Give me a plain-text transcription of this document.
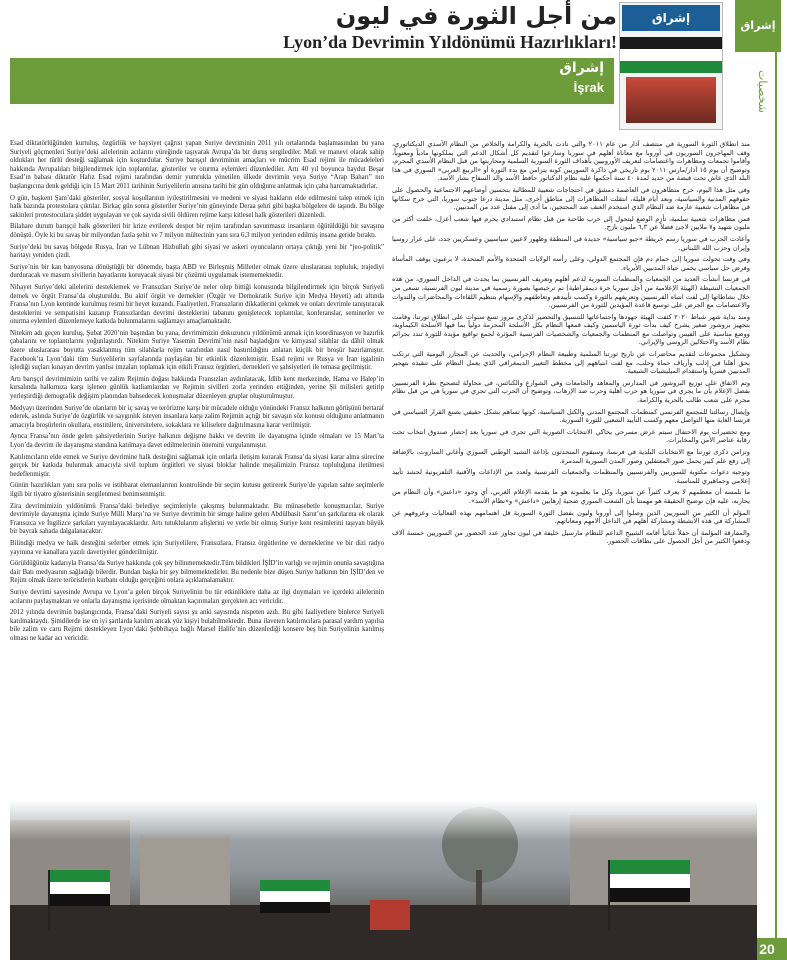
من أجل الثورة في ليون
Lyon’da Devrimin Yıldönümü Hazırlıkları!
إشراق
İşrak
إشراق
إشراق
شخصيات
20

Esad diktatörlüğünden kurtuluş, özgürlük ve haysiyet çağrısı yapan Suriye devriminin 2011 yılı ortalarında başlamasından bu yana Suriyeli göçmenleri Suriye’deki ailelerinin acılarını yüreğinde taşıyarak Avrupa’da bir duruş sergilediler. Mali ve manevi olarak sahip oldukları her türlü desteği sağlamak için koşturdular. Suriye barışçıl devriminin amaçları ve mücrim Esad rejimi ile mücadeleleri hakkında Avrupalıları bilgilendirmek için toplantılar, gösteriler ve oturma eylemleri düzenlediler. Artı 40 yıl boyunca haydut Beşar Esad’ın babası diktatör Hafız Esad rejimi tarafından demir yumrukla yönetilen ülkede devrimin veya Suriye “Arap Baharı” nın başlangıcına denk geldiği için 15 Mart 2011 tarihinin Suriyelilerin anısına tarihi bir gün olduğunu anlatmak için çaba harcamaktadırlar.

O gün, başkent Şam’daki gösteriler, sosyal koşullarının iyileştirilmesini ve medeni ve siyasi hakların elde edilmesini talep etmek için halk bazında protestolara çıktılar. Birkaç gün sonra gösteriler Suriye’nin güneyinde Deraa şehri gibi başka bölgelere de taşındı. Bu bölge sakinleri protestoculara şiddet uygulayan ve çok sayıda sivili öldüren rejime karşı kitlesel halk gösterileri düzenledi.

Bilahare durum barışçıl halk gösterileri bir krize evrilerek despot bir rejim tarafından savunmasız insanların öğütüldüğü bir savaşına dönüştü. Öyle ki bu savaş bir milyondan fazla şehit ve 7 milyon mültecinin yanı sıra 6,3 milyon yerinden edilmiş insana geride bıraktı.

Suriye’deki bu savaş bölgede Rusya, İran ve Lübnan Hizbullah gibi siyasi ve askeri oyuncuların ortaya çıktığı yeni bir “jeo-politik” haritayı yeniden çizdi.

Suriye’nin bir kan banyosuna dönüştüğü bir dönemde, başta ABD ve Birleşmiş Milletler olmak üzere uluslararası topluluk, trajediyi durduracak ve masum sivillerin hayatlarını koruyacak siyasi bir çözümü uygulamak istememektedir.

Nihayet Suriye’deki ailelerini desteklemek ve Fransızları Suriye’de neler olup bittiği konusunda bilgilendirmek için birçok Suriyeli dernek ve örgüt Fransa’da oluşturuldu. Bu aktif örgüt ve dernekler (Özgür ve Demokratik Suriye için Medya Heyeti) adı altında Fransa’nın Lyon kentinde kurulmuş resmi bir heyet kuzandı. Faaliyetleri, Fransızların dikkatlerini çekmek ve onları devrimle tanıştıracak desteklerini ve sempatisini kazanıp Fransızlardan devrimi desteklerini tabanını genişletecek toplantılar, konferanslar, seminerler ve oturma eylemleri düzenlemeye katkıda bulunmalarını sağlamayı amaçlamaktadır.

Nitekim adı geçen kuruluş, Şubat 2020’nin başından bu yana, devrimimizin dokuzuncu yıldönümü anmak için koordinasyon ve hazırlık çabalarını ve toplantılarını yoğunlaştırdı. Nitekim Suriye Yasemin Devrimi’nin nasıl başladığını ve kimyasal silahlar da dâhil olmak üzere uluslararası boyutta yasaklanmış tüm silahlarla rejim tarafından nasıl bastırıldığını anlatan küçük bir broşür hazırlamıştır. Facebook’ta Lyon’daki tüm Suriyelilerin sayfalarında paylaşılan bir etkinlik düzenlemiştir. Esad rejimi ve Rusya ve İran işgalinin işlediği suçları kınayan devrim yanlısı imzaları toplamak için etkili Fransız örgütleri, dernekleri ve şahsiyetleri ile temasa geçilmiştir.

Artı barışçıl devrimimizin tarihi ve zalim Rejimin doğası hakkında Fransızları aydınlatacak, İdlib kent merkezinde, Hama ve Halep’in kırsalında halkımıza karşı işlenen günlük katliamlardan ve Rejimin sivilleri zorla yerinden ettiğinden, yerine Şii milisleri getirip yerleştirdiği demografik değişim planından bahsedecek konuşmalar düzenleyen gruplar oluşturulmuştur.

Medyayı üzerinden Suriye’de olanların bir iç savaş ve terörizme karşı bir mücadele olduğu yönündeki Fransız halkının görüşünü bertaraf ederek, aslında Suriye’de özgürlük ve saygınlık isteyen insanlara karşı zalim Rejimin açtığı bir savaşın söz konusu olduğunu anlatmanın amacıyla broşürlerin okullara, enstitülere, üniversitelere, sokaklara ve kiliselere dağıtılmasına karar verilmiştir.

Aynca Fransa’nın önde gelen şahsiyetlerinin Suriye halkının değişme hakkı ve devrim ile dayanışma içinde olmaları ve 15 Mart’ta Lyon’da devrim ile dayanışma standına katılmaya davet edilmelerinin önemini vurgulanmıştır.

Katılımcıların elde etmek ve Suriye devrimine halk desteğini sağlamak için onlarla iletişim kurarak Fransa’da siyasi karar alma sürecine gerçek bir katkıda bulunmak amacıyla sivil toplum örgütleri ve siyasi bloklar halinde meşalimizin Fransız topluluğuna iletilmesi hedeflenmiştir.

Günün hazırlıkları yanı sıra polis ve istihbarat elemanlarının kontrolünde bir seçim kutusu getirerek Suriye’de yapılan sahte seçimlerle ilgili bir tiyatro gösterisinin sergilenmesi benimsenmiştir.

Zira devrimimizin yıldönümü Fransa’daki belediye seçimleriyle çakışmış bulunmaktadır. Bu münasebetle konuşmacılar, Suriye devrimiyle dayanışma içinde Suriye Milli Marşı’na ve Suriye devrimin bir simge haline gelen Abdülbasit Sarut’un şarkılarına ek olarak Fransızca ve İngilizce şarkıları yayınlayacaklardır. Artı tutuklularım afişlerini ve yerle bir olmuş Suriye kent resimlerini taşıyan büyük bir bayrak sahada dalgalanacaktır.

Bilindiği medya ve halk desteğini seferber etmek için Suriyelilere, Fransızlara, Fransız örgütlerine ve derneklerine ve bir dizi radyo yayınına ve kanallara yazılı davetiyeler gönderilmiştir.

Görüldüğünüz kadarıyla Fransa’da Suriye hakkında çok şey bilinmemektedir.Tüm bildikleri İŞİD’in varlığı ve rejimin onunla savaştığına dair Batı medyasının sağladığı bilerdir. Bundan başka bir şey bilmemektedirler. Bu nedenle bize düşen Suriye halkının bin İŞİD’den ve Rejim olmak üzere teröristlerin kurbanı olduğu gerçeğini onlara açıklamalamaktır.

Suriye devrimi sayesinde Avrupa ve Lyon’a gelen birçok Suriyelinin bu tür etkinliklere daha az ilgi duymaları ve içerdeki ailelerinin acılarını paylaşmaktan ve onlarla dayanışma içerisinde olmaktan kaçınmaları gerçekten acı vericidir.

2012 yılında devrimin başlangıcında, Fransa’daki Suriyeli sayısı şu anki sayısında nispeten azdı. Bu gibi faaliyetlere binlerce Suriyeli katılmaktaydı. Şimdilerde ise en iyi şartlarda katılım ancak yüz kişiyi bulabilmektedir. Buna ilaveten katılımcılara parasal yardım yapılsa bile zalim ve caru Rejimi destekleyen Lyon’daki Şebbihaya bağlı Marsel Halife’nin düzenlediği konsere beş bin Suriyelinin katılmış olması ne kadar acı vericidir.

منذ انطلاق الثورة السورية في منتصف آذار من عام ٢٠١١ والتي نادت بالحرية والكرامة والخلاص من النظام الأسدي الديكتاتوري، وقف المهاجرون السوريون في أوروبا مع معاناة أهلهم في سوريا وسارعوا لتقديم كل أشكال الدعم التي يملكونها مادياً ومعنوياً، وأقاموا تجمعات ومظاهرات واعتصامات لتعريف الأوروبيين بأهداف الثورة السورية السلمية ومحاربتها من قبل النظام الأسدي المجرم، وتوضيح أن يوم ١٥ آذار/مارس ٢٠١١ يوم تاريخي في ذاكرة السوريين كونه يتزامن مع بدء الثورة أو «الربيع العربي» السوري في هذا البلد الذي عاش تحت قبضة من حديد لمدة ٤٠ سنة أحكمها عليه نظام الدكتاتور حافظ الأسد والد السفاح بشار الأسد.

وفي مثل هذا اليوم، خرج متظاهرون في العاصمة دمشق في احتجاجات شعبية للمطالبة بتحسين أوضاعهم الاجتماعية والحصول على حقوقهم المدنية والسياسية، وبعد أيام قليلة، انتقلت المظاهرات إلى مناطق أخرى، مثل مدينة درعا جنوب سوريا، التي خرج سكانها في مظاهرات شعبية عارمة ضد النظام الذي استخدم العنف ضد المحتجين، ما أدى إلى مقتل عدد من المدنيين.

فمن مظاهرات شعبية سلمية، تأزم الوضع ليتحول إلى حرب طاحنة من قبل نظام استبدادي يحرم فيها شعب أعزل، خلفت أكثر من مليون شهيد و٧ ملايين لاجئ فضلاً عن ٦,٣ مليون نازح.

وأعادت الحرب في سوريا رسم خريطة «جيو سياسية» جديدة في المنطقة وظهور لاعبين سياسيين وعسكريين جدد، على غرار روسيا وإيران وحزب الله اللبناني.

وفي وقت تحولت سوريا إلى حمام دم فإن المجتمع الدولي، وعلى رأسه الولايات المتحدة والأمم المتحدة، لا يرغبون بوقف المأساة وفرض حل سياسي يحمي حياة المدنيين الأبرياء.

في فرنسا أنشأت العديد من الجمعيات والمنظمات السورية لدعم أهلهم وتعريف الفرنسيين بما يحدث في الداخل السوري، من هذه الجمعيات النشيطة (الهيئة الإعلامية من أجل سوريا حرة ديمقراطية) تم ترخيصها بصورة رسمية في مدينة ليون الفرنسية، تسعى من خلال نشاطاتها إلى لفت انتباه الفرنسيين وتعريفهم بالثورة وكسب تأييدهم وتعاطفهم والإسهام بتنظيم اللقاءات والمحاضرات والندوات والاعتصامات مع الجرص على توسيع قاعدة المؤيدين للثورة من الفرنسيين.

ومنذ بداية شهر شباط ٢٠٢٠ كثفت الهيئة جهودها واجتماعاتها للتنسيق والتحضير لذكرى مرور تسع سنوات على انطلاق ثورتنا، وقامت بتجهيز بروشور صغير يشرح كيف بدأت ثورة الياسمين وكيف قمعها النظام بكل الأسلحة المحرمة دولياً بما فيها الأسلحة الكيماوية، ووضع مناسبة على الفيس وتواصلت مع المنظمات والجمعيات والشخصيات الفرنسية المؤثرة لجمع تواقيع مؤيدة للثورة تندد بجرائم نظام الأسد والاحتلالين الروسي والإيراني.

وتشكيل مجموعات لتقديم محاضرات عن تاريخ ثورتنا السلمية وطبيعة النظام الإجرامي، والحديث عن المجازر اليومية التي ترتكب بحق أهلنا في إدلب وأرياف حماة وحلب، مع لفت انتباههم إلى مخطط التغيير الديمغرافي الذي يعمل النظام على تنفيذه بتهجير المدنيين قسرياً واستقدام الميليشيات الشيعية.

وتم الاتفاق على توزيع البروشور في المدارس والمعاهد والجامعات وفي الشوارع والكنائس، في محاولة لتصحيح نظرة الفرنسيين بفضل الإعلام بأن ما يجري في سوريا هو حرب أهلية وحرب ضد الإرهاب، وتوضيح أن الحرب التي تجري في سوريا هي من قبل نظام مجرم على شعب طالب بالحرية والكرامة.

وإيصال رسالتنا للمجتمع الفرنسي كمنظمات المجتمع المدني والكتل السياسية، كونها تساهم بشكل حقيقي بصنع القرار السياسي في فرنسا الغاية منها التواصل معهم وكسب التأييد الشعبي للثورة السورية.

ومع تحضيرات يوم الاحتفال سيتم عرض مسرحي يحاكي الانتخابات الصورية التي تجرى في سوريا بعد إحضار صندوق انتخاب تحت رقابة عناصر الأمن والمخابرات.

وتزامن ذكرى ثورتنا مع الانتخابات البلدية في فرنسا، وسيقوم المتحدثون بإذاعة النشيد الوطني السوري وأغاني الساروت، بالإضافة إلى رفع علم كبير يحمل صور المعتقلين وصور المدن السورية المدمرة.

وتوجيه دعوات مكتوبة للسوريين والفرنسيين والمنظمات والجمعيات الفرنسية ولعدد من الإذاعات والأقنية التلفزيونية لحشد تأييد إعلامي وجماهيري للمناسبة.

ما نلمسه أن معظمهم لا يعرف كثيراً عن سوريا، وكل ما يعلمونه هو ما يقدمه الإعلام الغربي، أي وجود «داعش» وأن النظام من يحاربه، عليه فإن توضيح الحقيقة هو مهمتنا بأن الشعب السوري ضحية إرهابين «داعش» و«نظام الأسد».

المؤلم أن الكثير من السوريين الذين وصلوا إلى أوروبا وليون بفضل الثورة السورية قل اهتمامهم بهذه الفعاليات وعزوفهم عن المشاركة في هذه الأنشطة ومشاركة أهلهم في الداخل آلامهم ومعاناتهم.

والمفارقة المؤلمة أن حفلاً غنائياً أقامه الشبيح الداعم للنظام مارسيل خليفة في ليون تجاوز عدد الحضور من السوريين خمسة آلاف ودفعوا الكثير من أجل الحصول على بطاقات الحضور.
